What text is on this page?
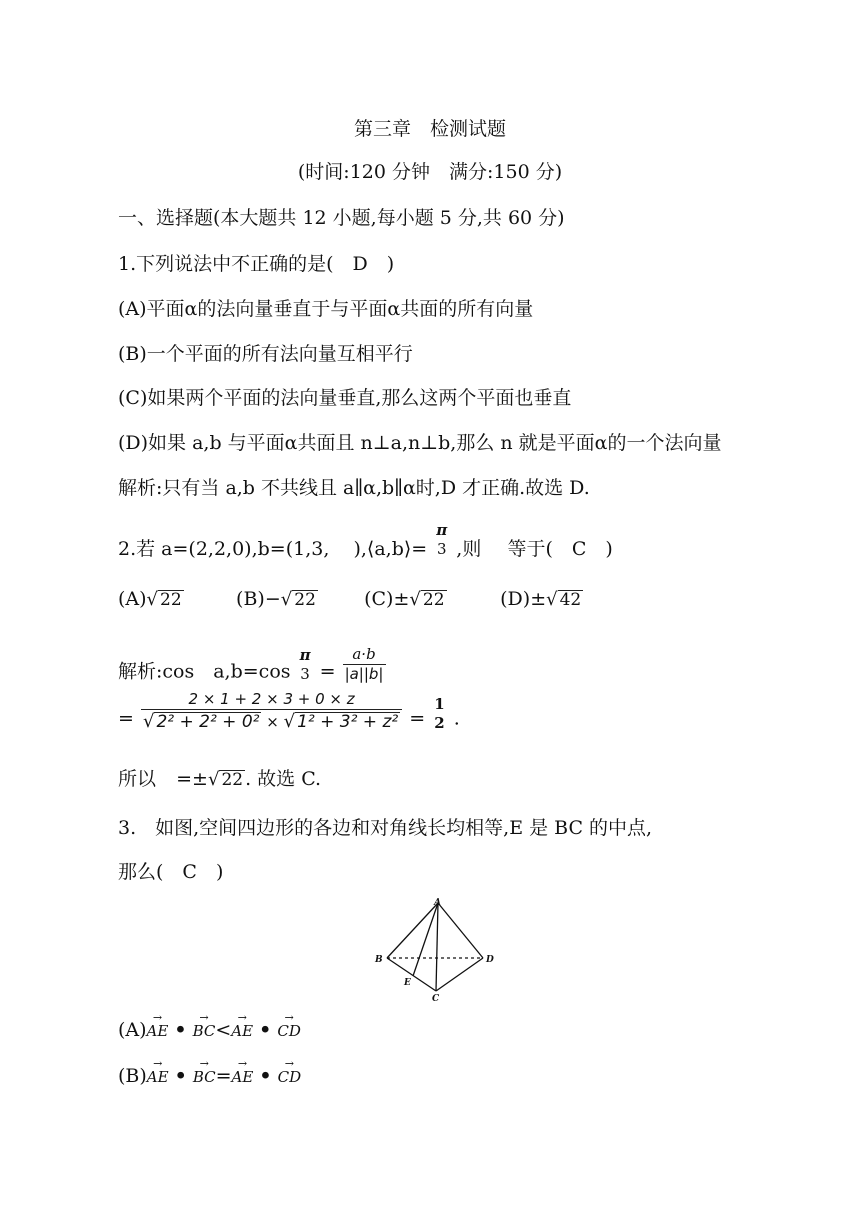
第三章　检测试题
(时间:120 分钟　满分:150 分)
一、选择题(本大题共 12 小题,每小题 5 分,共 60 分)
1.下列说法中不正确的是(　D　)
(A)平面α的法向量垂直于与平面α共面的所有向量
(B)一个平面的所有法向量互相平行
(C)如果两个平面的法向量垂直,那么这两个平面也垂直
(D)如果 a,b 与平面α共面且 n⊥a,n⊥b,那么 n 就是平面α的一个法向量
解析:只有当 a,b 不共线且 a∥α,b∥α时,D 才正确.故选 D.
2.若 a=(2,2,0),b=(1,3, ),⟨a,b⟩=
π
3 ,则 等于(　C　)
(A)√ 22	(B)−√ 22	(C)±√ 22	(D)±√ 42
解析:cos　a,b=cos
π
$3 = \frac{a\cdot b}{|a||b|}$
= $\frac{2 \times 1 + 2 \times 3 + 0 \times z}{\text{√ 2² + 2² + 0² × √ 1² + 3² + z²}}$ =
1
2 .
所以 =±√ 22 . 故选 C.
3.　如图,空间四边形的各边和对角线长均相等,E 是 BC 的中点,
那么(　C　)
A
B	D
E
C
(A)→ AE • → BC<→ AE • → CD
(B)→ AE • → BC=→ AE • → CD
